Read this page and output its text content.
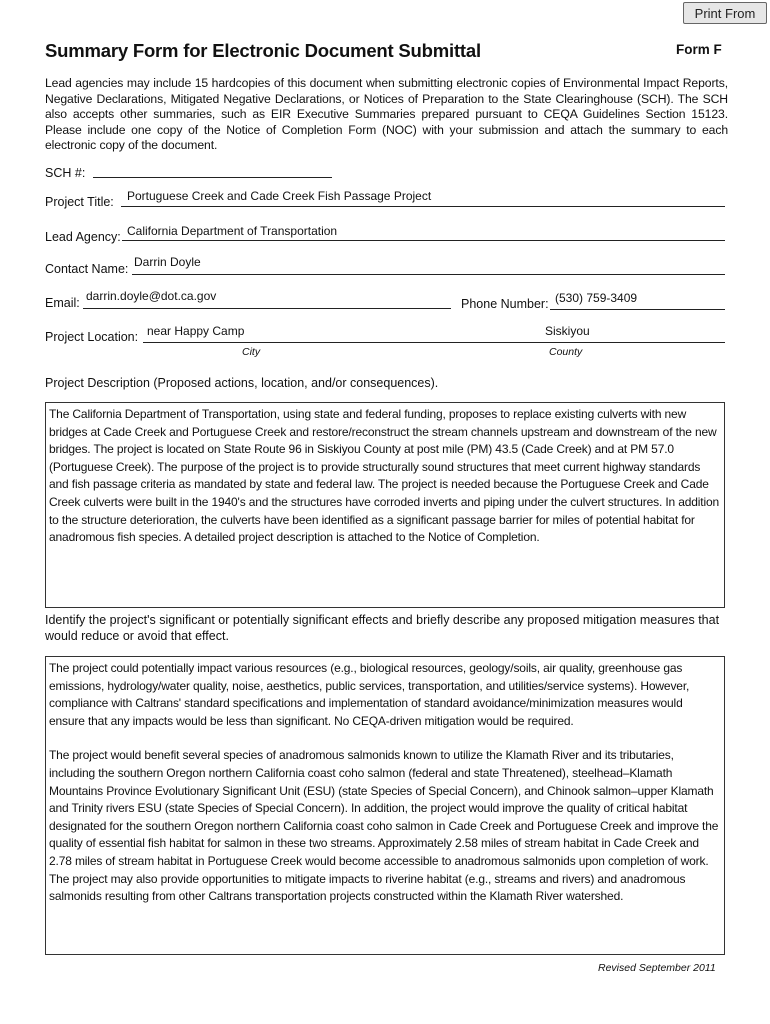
Print From
Summary Form for Electronic Document Submittal	Form F
Lead agencies may include 15 hardcopies of this document when submitting electronic copies of Environmental Impact Reports, Negative Declarations, Mitigated Negative Declarations, or Notices of Preparation to the State Clearinghouse (SCH). The SCH also accepts other summaries, such as EIR Executive Summaries prepared pursuant to CEQA Guidelines Section 15123. Please include one copy of the Notice of Completion Form (NOC) with your submission and attach the summary to each electronic copy of the document.
SCH #:
Project Title: Portuguese Creek and Cade Creek Fish Passage Project
Lead Agency: California Department of Transportation
Contact Name: Darrin Doyle
Email: darrin.doyle@dot.ca.gov
Phone Number: (530) 759-3409
Project Location: near Happy Camp	Siskiyou
City	County
Project Description (Proposed actions, location, and/or consequences).

The California Department of Transportation, using state and federal funding, proposes to replace existing culverts with new bridges at Cade Creek and Portuguese Creek and restore/reconstruct the stream channels upstream and downstream of the new bridges. The project is located on State Route 96 in Siskiyou County at post mile (PM) 43.5 (Cade Creek) and at PM 57.0 (Portuguese Creek). The purpose of the project is to provide structurally sound structures that meet current highway standards and fish passage criteria as mandated by state and federal law. The project is needed because the Portuguese Creek and Cade Creek culverts were built in the 1940's and the structures have corroded inverts and piping under the culvert structures. In addition to the structure deterioration, the culverts have been identified as a significant passage barrier for miles of potential habitat for anadromous fish species. A detailed project description is attached to the Notice of Completion.

Identify the project's significant or potentially significant effects and briefly describe any proposed mitigation measures that would reduce or avoid that effect.

The project could potentially impact various resources (e.g., biological resources, geology/soils, air quality, greenhouse gas emissions, hydrology/water quality, noise, aesthetics, public services, transportation, and utilities/service systems). However, compliance with Caltrans' standard specifications and implementation of standard avoidance/minimization measures would ensure that any impacts would be less than significant. No CEQA-driven mitigation would be required.

The project would benefit several species of anadromous salmonids known to utilize the Klamath River and its tributaries, including the southern Oregon northern California coast coho salmon (federal and state Threatened), steelhead–Klamath Mountains Province Evolutionary Significant Unit (ESU) (state Species of Special Concern), and Chinook salmon–upper Klamath and Trinity rivers ESU (state Species of Special Concern). In addition, the project would improve the quality of critical habitat designated for the southern Oregon northern California coast coho salmon in Cade Creek and Portuguese Creek and improve the quality of essential fish habitat for salmon in these two streams. Approximately 2.58 miles of stream habitat in Cade Creek and 2.78 miles of stream habitat in Portuguese Creek would become accessible to anadromous salmonids upon completion of work. The project may also provide opportunities to mitigate impacts to riverine habitat (e.g., streams and rivers) and anadromous salmonids resulting from other Caltrans transportation projects constructed within the Klamath River watershed.

Revised September 2011
